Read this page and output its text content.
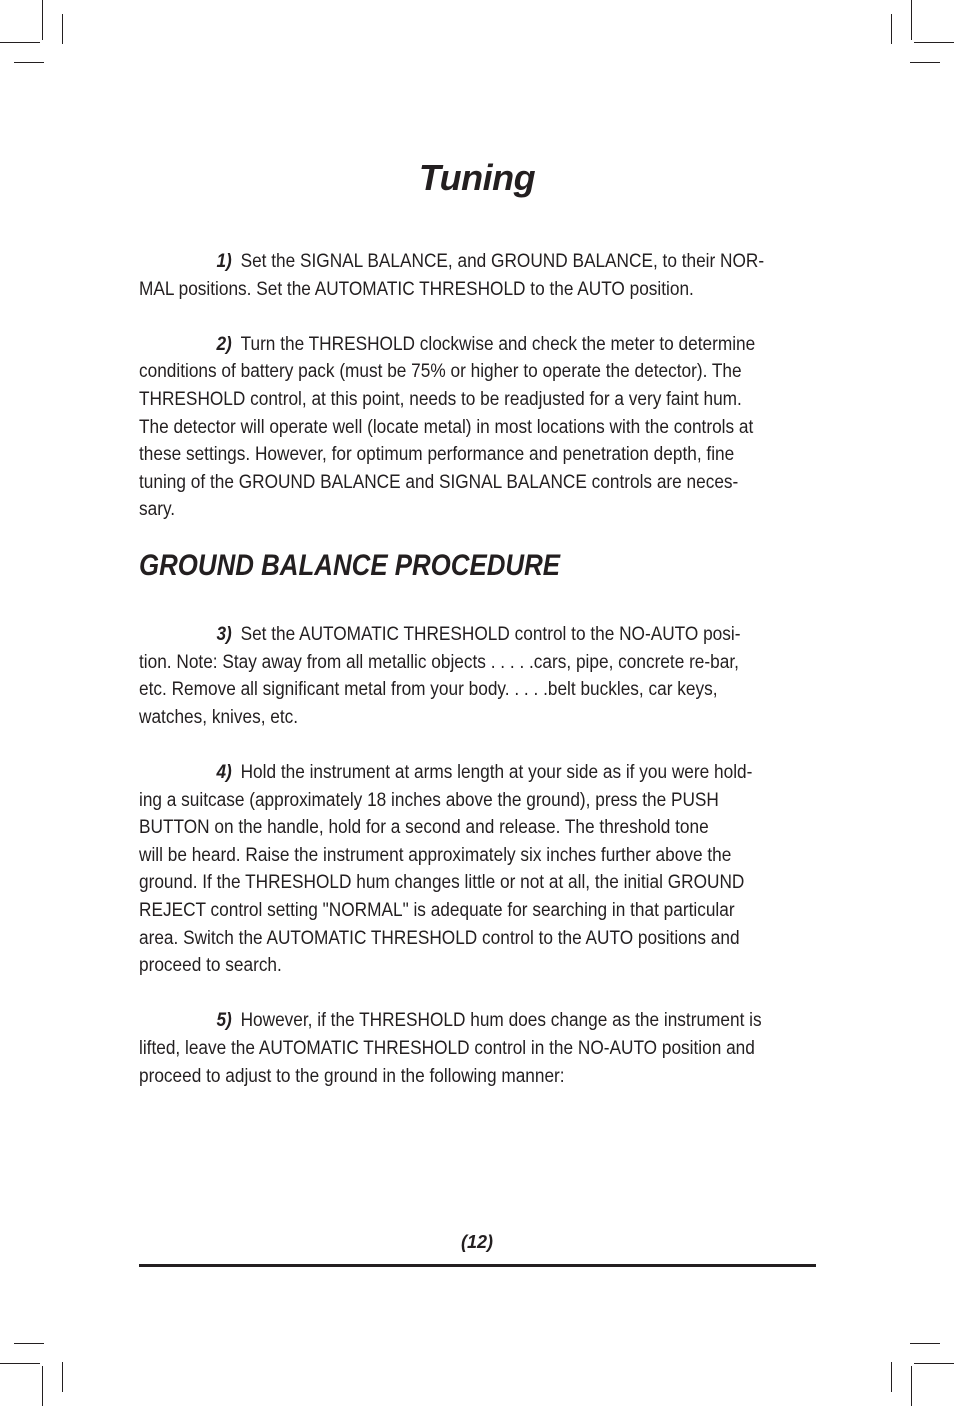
Tuning

1) Set the SIGNAL BALANCE, and GROUND BALANCE, to their NOR-
MAL positions. Set the AUTOMATIC THRESHOLD to the AUTO position.

2) Turn the THRESHOLD clockwise and check the meter to determine
conditions of battery pack (must be 75% or higher to operate the detector). The
THRESHOLD control, at this point, needs to be readjusted for a very faint hum.
The detector will operate well (locate metal) in most locations with the controls at
these settings. However, for optimum performance and penetration depth, fine
tuning of the GROUND BALANCE and SIGNAL BALANCE controls are neces-
sary.

GROUND BALANCE PROCEDURE

3) Set the AUTOMATIC THRESHOLD control to the NO-AUTO posi-
tion. Note: Stay away from all metallic objects . . . . .cars, pipe, concrete re-bar,
etc. Remove all significant metal from your body. . . . .belt buckles, car keys,
watches, knives, etc.

4) Hold the instrument at arms length at your side as if you were hold-
ing a suitcase (approximately 18 inches above the ground), press the PUSH
BUTTON on the handle, hold for a second and release. The threshold tone
will be heard. Raise the instrument approximately six inches further above the
ground. If the THRESHOLD hum changes little or not at all, the initial GROUND
REJECT control setting "NORMAL" is adequate for searching in that particular
area. Switch the AUTOMATIC THRESHOLD control to the AUTO positions and
proceed to search.

5) However, if the THRESHOLD hum does change as the instrument is
lifted, leave the AUTOMATIC THRESHOLD control in the NO-AUTO position and
proceed to adjust to the ground in the following manner:

(12)
